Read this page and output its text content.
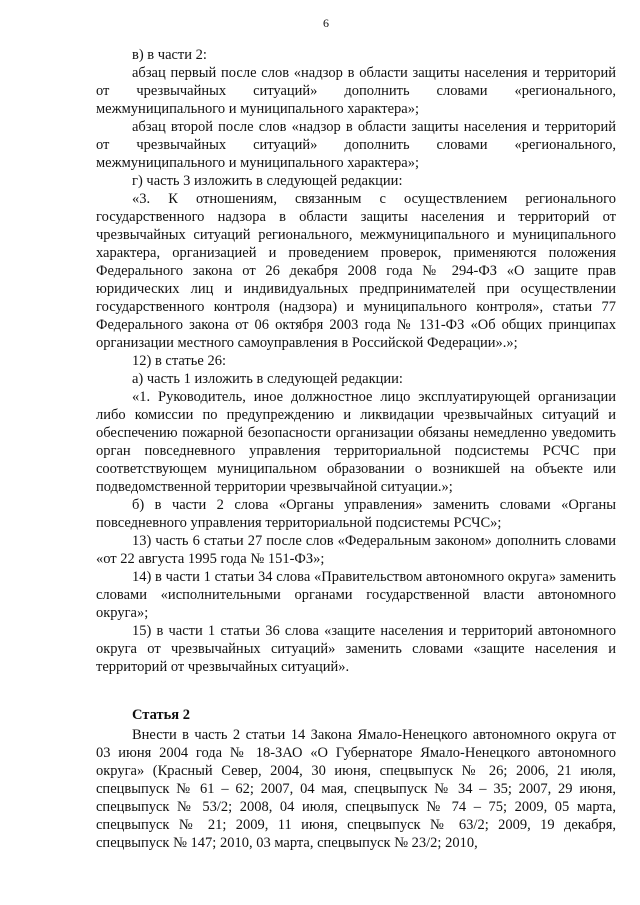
6

в) в части 2:

абзац первый после слов «надзор в области защиты населения и территорий от чрезвычайных ситуаций» дополнить словами «регионального, межмуниципального и муниципального характера»;

абзац второй после слов «надзор в области защиты населения и территорий от чрезвычайных ситуаций» дополнить словами «регионального, межмуниципального и муниципального характера»;

г) часть 3 изложить в следующей редакции:

«3. К отношениям, связанным с осуществлением регионального государственного надзора в области защиты населения и территорий от чрезвычайных ситуаций регионального, межмуниципального и муниципального характера, организацией и проведением проверок, применяются положения Федерального закона от 26 декабря 2008 года № 294-ФЗ «О защите прав юридических лиц и индивидуальных предпринимателей при осуществлении государственного контроля (надзора) и муниципального контроля», статьи 77 Федерального закона от 06 октября 2003 года № 131-ФЗ «Об общих принципах организации местного самоуправления в Российской Федерации».»;

12) в статье 26:

а) часть 1 изложить в следующей редакции:

«1. Руководитель, иное должностное лицо эксплуатирующей организации либо комиссии по предупреждению и ликвидации чрезвычайных ситуаций и обеспечению пожарной безопасности организации обязаны немедленно уведомить орган повседневного управления территориальной подсистемы РСЧС при соответствующем муниципальном образовании о возникшей на объекте или подведомственной территории чрезвычайной ситуации.»;

б) в части 2 слова «Органы управления» заменить словами «Органы повседневного управления территориальной подсистемы РСЧС»;

13) часть 6 статьи 27 после слов «Федеральным законом» дополнить словами «от 22 августа 1995 года № 151-ФЗ»;

14) в части 1 статьи 34 слова «Правительством автономного округа» заменить словами «исполнительными органами государственной власти автономного округа»;

15) в части 1 статьи 36 слова «защите населения и территорий автономного округа от чрезвычайных ситуаций» заменить словами «защите населения и территорий от чрезвычайных ситуаций».

Статья 2

Внести в часть 2 статьи 14 Закона Ямало-Ненецкого автономного округа от 03 июня 2004 года № 18-ЗАО «О Губернаторе Ямало-Ненецкого автономного округа» (Красный Север, 2004, 30 июня, спецвыпуск № 26; 2006, 21 июля, спецвыпуск № 61 – 62; 2007, 04 мая, спецвыпуск № 34 – 35; 2007, 29 июня, спецвыпуск № 53/2; 2008, 04 июля, спецвыпуск № 74 – 75; 2009, 05 марта, спецвыпуск № 21; 2009, 11 июня, спецвыпуск № 63/2; 2009, 19 декабря, спецвыпуск № 147; 2010, 03 марта, спецвыпуск № 23/2; 2010,
